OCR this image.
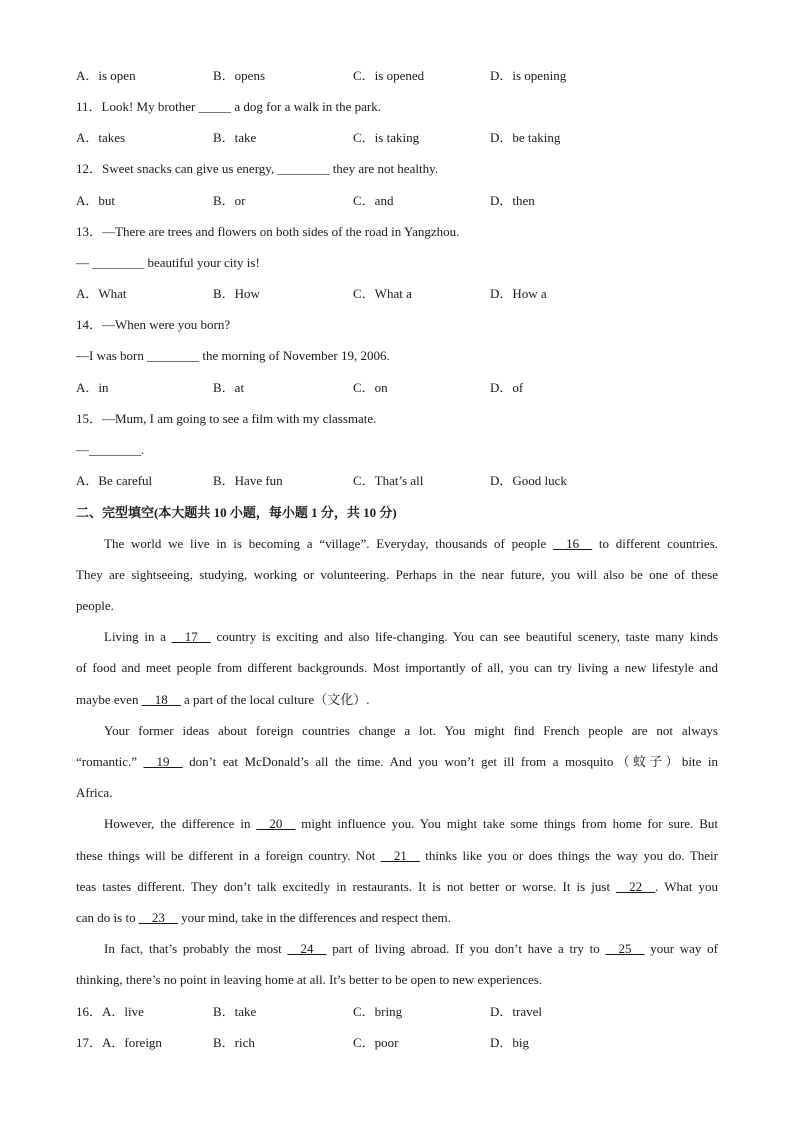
A．is open	B．opens	C．is opened	D．is opening
11．Look! My brother _____ a dog for a walk in the park.
A．takes	B．take	C．is taking	D．be taking
12．Sweet snacks can give us energy, ________ they are not healthy.
A．but	B．or	C．and	D．then
13．—There are trees and flowers on both sides of the road in Yangzhou.
— ________ beautiful your city is!
A．What	B．How	C．What a	D．How a
14．—When were you born?
—I was born ________ the morning of November 19, 2006.
A．in	B．at	C．on	D．of
15．—Mum, I am going to see a film with my classmate.
—________.
A．Be careful	B．Have fun	C．That’s all	D．Good luck
二、完型填空(本大题共 10 小题，每小题 1 分，共 10 分)
The world we live in is becoming a “village”. Everyday, thousands of people __16__ to different countries.
They are sightseeing, studying, working or volunteering. Perhaps in the near future, you will also be one of these
people.
Living in a __17__ country is exciting and also life-changing. You can see beautiful scenery, taste many kinds
of food and meet people from different backgrounds. Most importantly of all, you can try living a new lifestyle and
maybe even __18__ a part of the local culture（文化）.
Your former ideas about foreign countries change a lot. You might find French people are not always
“romantic.” __19__ don’t eat McDonald’s all the time. And you won’t get ill from a mosquito（蚊子）bite in
Africa.
However, the difference in __20__ might influence you. You might take some things from home for sure. But
these things will be different in a foreign country. Not __21__ thinks like you or does things the way you do. Their
teas tastes different. They don’t talk excitedly in restaurants. It is not better or worse. It is just __22__. What you
can do is to __23__ your mind, take in the differences and respect them.
In fact, that’s probably the most __24__ part of living abroad. If you don’t have a try to __25__ your way of
thinking, there’s no point in leaving home at all. It’s better to be open to new experiences.
16．A．live	B．take	C．bring	D．travel
17．A．foreign	B．rich	C．poor	D．big
